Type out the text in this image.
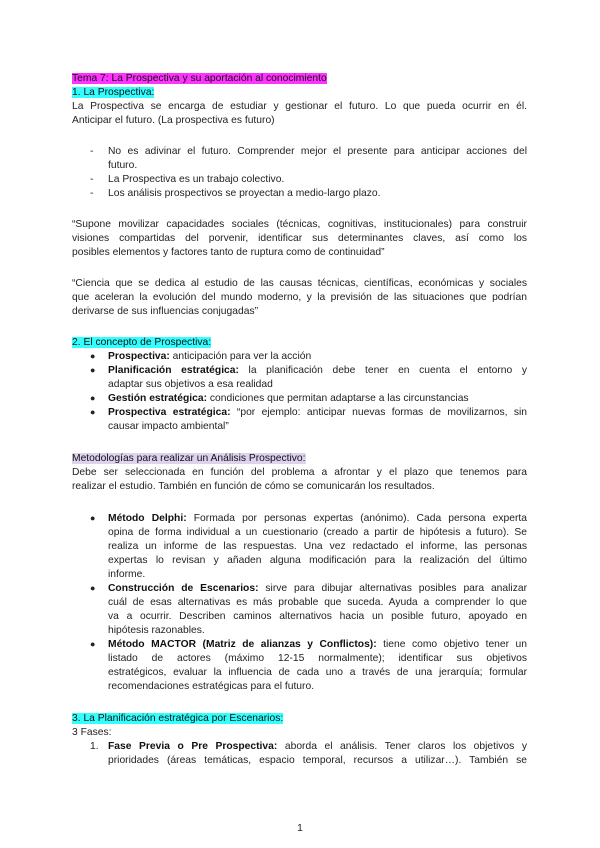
Tema 7: La Prospectiva y su aportación al conocimiento
1. La Prospectiva:
La Prospectiva se encarga de estudiar y gestionar el futuro. Lo que pueda ocurrir en él.
Anticipar el futuro. (La prospectiva es futuro)
- No es adivinar el futuro. Comprender mejor el presente para anticipar acciones del
futuro.
- La Prospectiva es un trabajo colectivo.
- Los análisis prospectivos se proyectan a medio-largo plazo.
“Supone movilizar capacidades sociales (técnicas, cognitivas, institucionales) para construir
visiones compartidas del porvenir, identificar sus determinantes claves, así como los
posibles elementos y factores tanto de ruptura como de continuidad”
“Ciencia que se dedica al estudio de las causas técnicas, científicas, económicas y sociales
que aceleran la evolución del mundo moderno, y la previsión de las situaciones que podrían
derivarse de sus influencias conjugadas”
2. El concepto de Prospectiva:
● Prospectiva: anticipación para ver la acción
● Planificación estratégica: la planificación debe tener en cuenta el entorno y
adaptar sus objetivos a esa realidad
● Gestión estratégica: condiciones que permitan adaptarse a las circunstancias
● Prospectiva estratégica: “por ejemplo: anticipar nuevas formas de movilizarnos, sin
causar impacto ambiental”
Metodologías para realizar un Análisis Prospectivo:
Debe ser seleccionada en función del problema a afrontar y el plazo que tenemos para
realizar el estudio. También en función de cómo se comunicarán los resultados.
● Método Delphi: Formada por personas expertas (anónimo). Cada persona experta
opina de forma individual a un cuestionario (creado a partir de hipótesis a futuro). Se
realiza un informe de las respuestas. Una vez redactado el informe, las personas
expertas lo revisan y añaden alguna modificación para la realización del último
informe.
● Construcción de Escenarios: sirve para dibujar alternativas posibles para analizar
cuál de esas alternativas es más probable que suceda. Ayuda a comprender lo que
va a ocurrir. Describen caminos alternativos hacia un posible futuro, apoyado en
hipótesis razonables.
● Método MACTOR (Matriz de alianzas y Conflictos): tiene como objetivo tener un
listado de actores (máximo 12-15 normalmente); identificar sus objetivos
estratégicos, evaluar la influencia de cada uno a través de una jerarquía; formular
recomendaciones estratégicas para el futuro.
3. La Planificación estratégica por Escenarios:
3 Fases:
1. Fase Previa o Pre Prospectiva: aborda el análisis. Tener claros los objetivos y
prioridades (áreas temáticas, espacio temporal, recursos a utilizar…). También se
1
